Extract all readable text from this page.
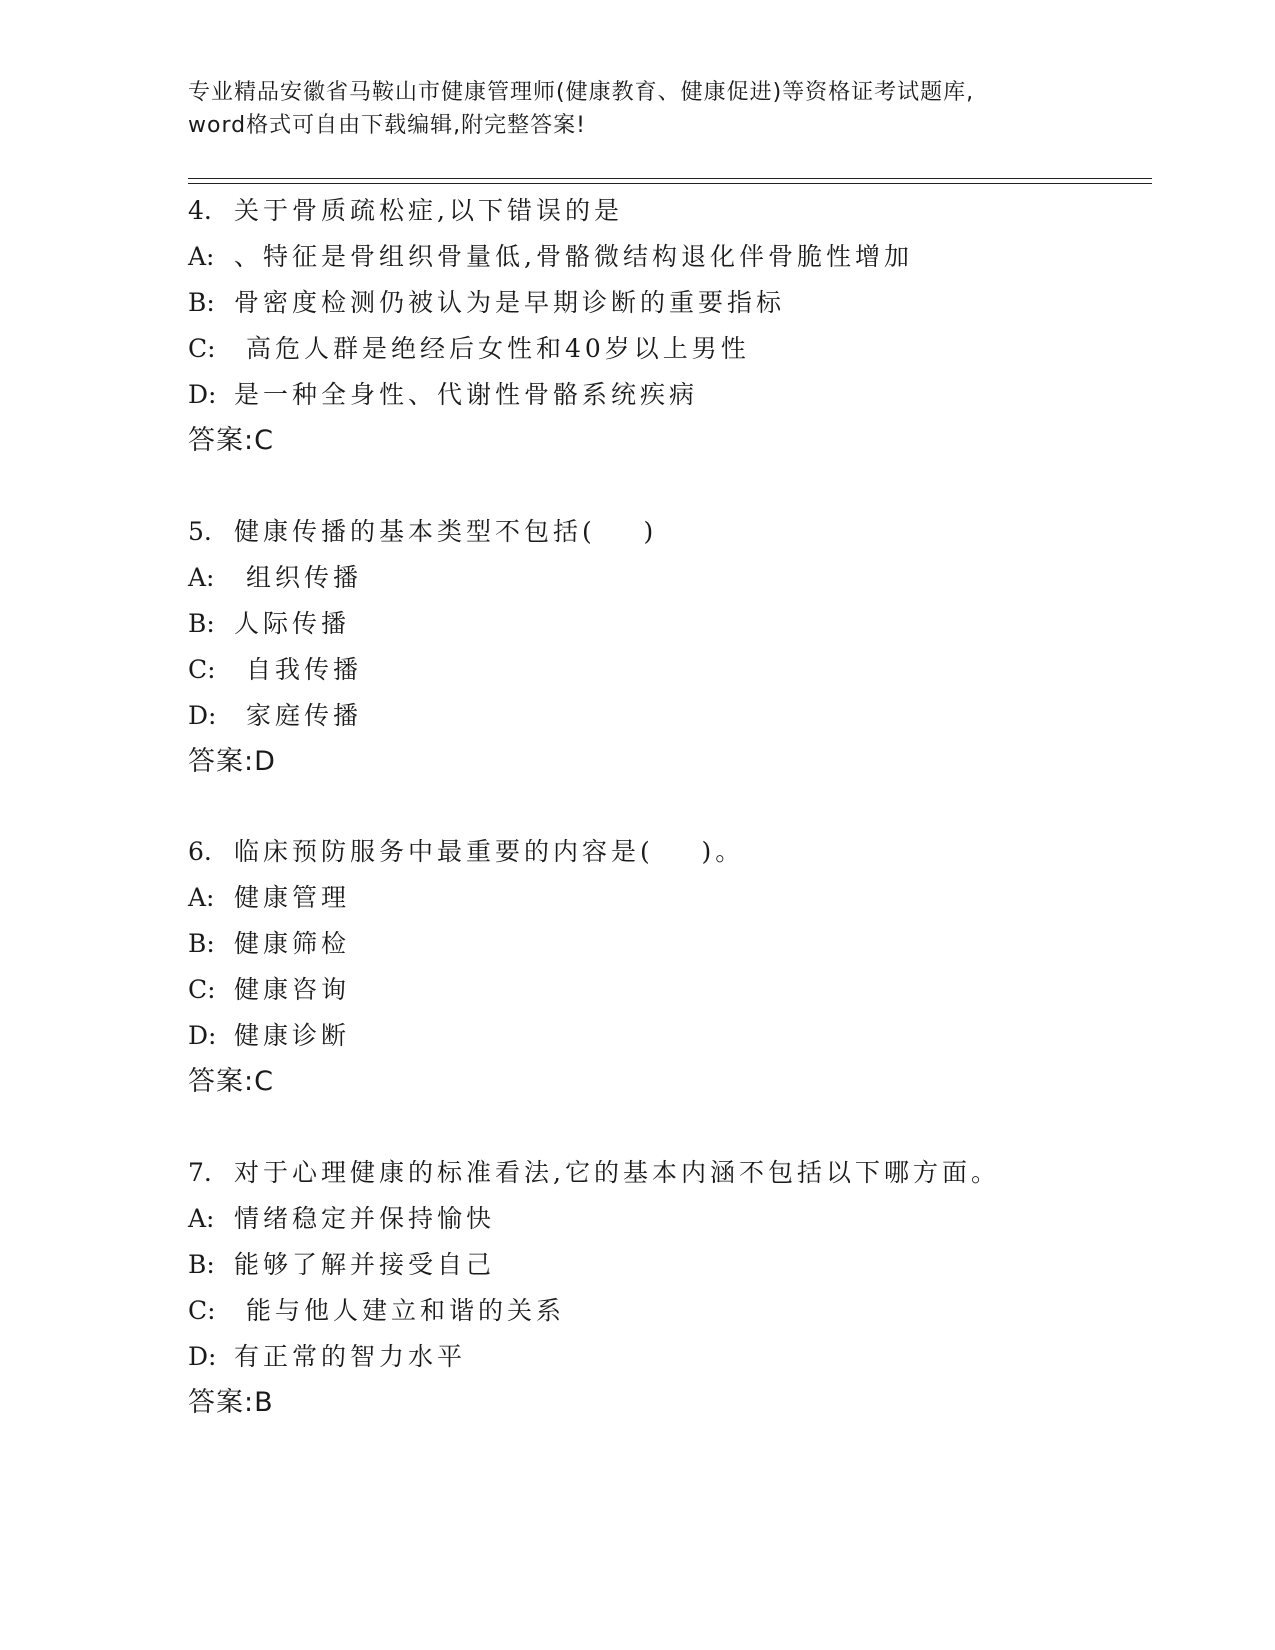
专业精品安徽省马鞍山市健康管理师(健康教育、健康促进)等资格证考试题库,
word格式可自由下载编辑,附完整答案!
4. 关于骨质疏松症,以下错误的是
A: 、特征是骨组织骨量低,骨骼微结构退化伴骨脆性增加
B: 骨密度检测仍被认为是早期诊断的重要指标
C: 高危人群是绝经后女性和40岁以上男性
D: 是一种全身性、代谢性骨骼系统疾病
答案:C
5. 健康传播的基本类型不包括(    )
A: 组织传播
B: 人际传播
C: 自我传播
D: 家庭传播
答案:D
6. 临床预防服务中最重要的内容是(    )。
A: 健康管理
B: 健康筛检
C: 健康咨询
D: 健康诊断
答案:C
7. 对于心理健康的标准看法,它的基本内涵不包括以下哪方面。
A: 情绪稳定并保持愉快
B: 能够了解并接受自己
C: 能与他人建立和谐的关系
D: 有正常的智力水平
答案:B
